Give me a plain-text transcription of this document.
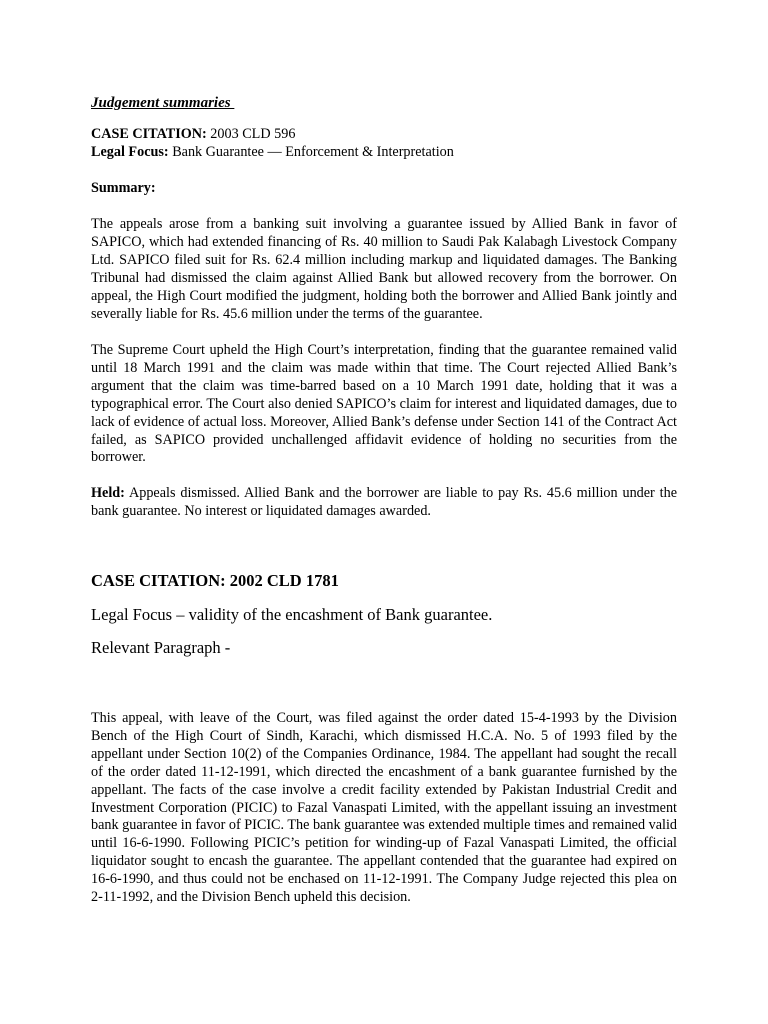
Judgement summaries
CASE CITATION: 2003 CLD 596
Legal Focus: Bank Guarantee — Enforcement & Interpretation
Summary:

The appeals arose from a banking suit involving a guarantee issued by Allied Bank in favor of SAPICO, which had extended financing of Rs. 40 million to Saudi Pak Kalabagh Livestock Company Ltd. SAPICO filed suit for Rs. 62.4 million including markup and liquidated damages. The Banking Tribunal had dismissed the claim against Allied Bank but allowed recovery from the borrower. On appeal, the High Court modified the judgment, holding both the borrower and Allied Bank jointly and severally liable for Rs. 45.6 million under the terms of the guarantee.

The Supreme Court upheld the High Court’s interpretation, finding that the guarantee remained valid until 18 March 1991 and the claim was made within that time. The Court rejected Allied Bank’s argument that the claim was time-barred based on a 10 March 1991 date, holding that it was a typographical error. The Court also denied SAPICO’s claim for interest and liquidated damages, due to lack of evidence of actual loss. Moreover, Allied Bank’s defense under Section 141 of the Contract Act failed, as SAPICO provided unchallenged affidavit evidence of holding no securities from the borrower.

Held: Appeals dismissed. Allied Bank and the borrower are liable to pay Rs. 45.6 million under the bank guarantee. No interest or liquidated damages awarded.

CASE CITATION: 2002 CLD 1781
Legal Focus – validity of the encashment of Bank guarantee.
Relevant Paragraph -

This appeal, with leave of the Court, was filed against the order dated 15-4-1993 by the Division Bench of the High Court of Sindh, Karachi, which dismissed H.C.A. No. 5 of 1993 filed by the appellant under Section 10(2) of the Companies Ordinance, 1984. The appellant had sought the recall of the order dated 11-12-1991, which directed the encashment of a bank guarantee furnished by the appellant. The facts of the case involve a credit facility extended by Pakistan Industrial Credit and Investment Corporation (PICIC) to Fazal Vanaspati Limited, with the appellant issuing an investment bank guarantee in favor of PICIC. The bank guarantee was extended multiple times and remained valid until 16-6-1990. Following PICIC’s petition for winding-up of Fazal Vanaspati Limited, the official liquidator sought to encash the guarantee. The appellant contended that the guarantee had expired on 16-6-1990, and thus could not be enchased on 11-12-1991. The Company Judge rejected this plea on 2-11-1992, and the Division Bench upheld this decision.
